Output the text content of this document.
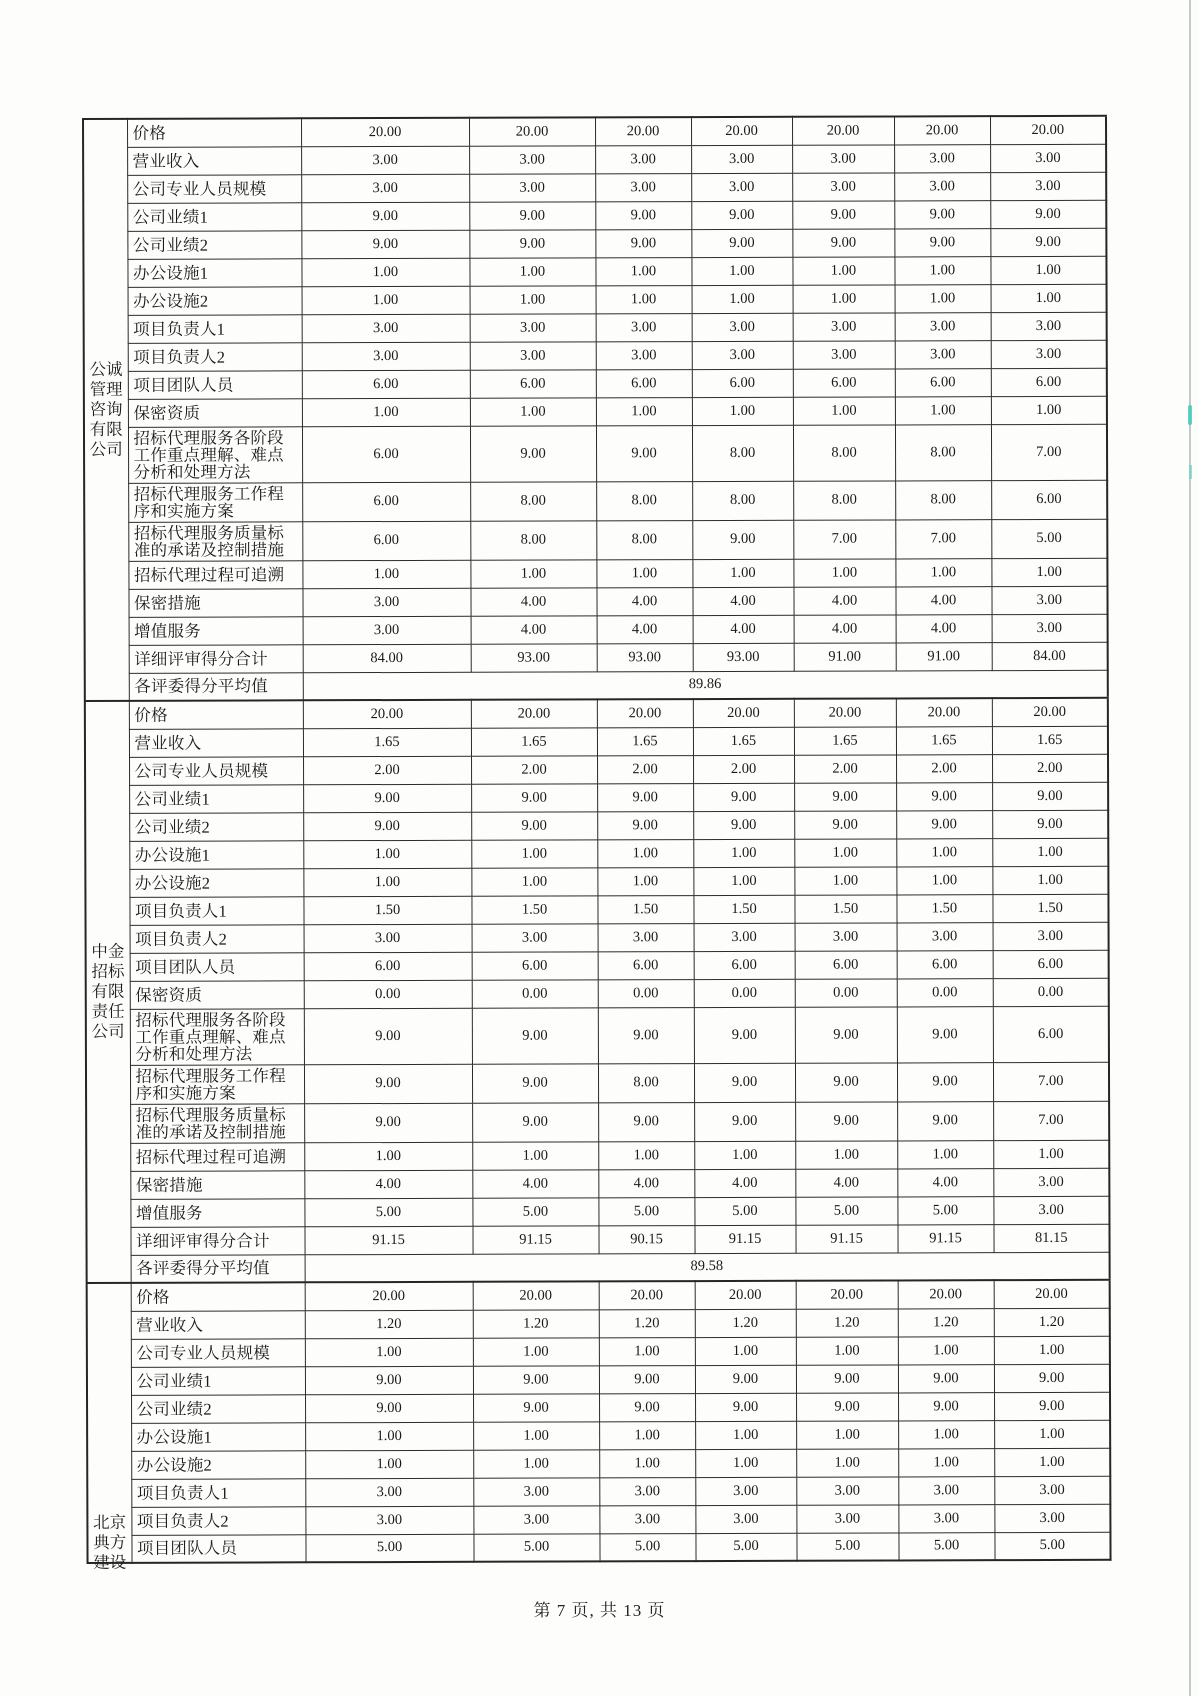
公诚
管理
咨询
有限
公司	价格	20.00	20.00	20.00	20.00	20.00	20.00	20.00
	营业收入	3.00	3.00	3.00	3.00	3.00	3.00	3.00
	公司专业人员规模	3.00	3.00	3.00	3.00	3.00	3.00	3.00
	公司业绩1	9.00	9.00	9.00	9.00	9.00	9.00	9.00
	公司业绩2	9.00	9.00	9.00	9.00	9.00	9.00	9.00
	办公设施1	1.00	1.00	1.00	1.00	1.00	1.00	1.00
	办公设施2	1.00	1.00	1.00	1.00	1.00	1.00	1.00
	项目负责人1	3.00	3.00	3.00	3.00	3.00	3.00	3.00
	项目负责人2	3.00	3.00	3.00	3.00	3.00	3.00	3.00
	项目团队人员	6.00	6.00	6.00	6.00	6.00	6.00	6.00
	保密资质	1.00	1.00	1.00	1.00	1.00	1.00	1.00
	招标代理服务各阶段工作重点理解、难点分析和处理方法	6.00	9.00	9.00	8.00	8.00	8.00	7.00
	招标代理服务工作程序和实施方案	6.00	8.00	8.00	8.00	8.00	8.00	6.00
	招标代理服务质量标准的承诺及控制措施	6.00	8.00	8.00	9.00	7.00	7.00	5.00
	招标代理过程可追溯	1.00	1.00	1.00	1.00	1.00	1.00	1.00
	保密措施	3.00	4.00	4.00	4.00	4.00	4.00	3.00
	增值服务	3.00	4.00	4.00	4.00	4.00	4.00	3.00
	详细评审得分合计	84.00	93.00	93.00	93.00	91.00	91.00	84.00
	各评委得分平均值	89.86						

中金
招标
有限
责任
公司	价格	20.00	20.00	20.00	20.00	20.00	20.00	20.00
	营业收入	1.65	1.65	1.65	1.65	1.65	1.65	1.65
	公司专业人员规模	2.00	2.00	2.00	2.00	2.00	2.00	2.00
	公司业绩1	9.00	9.00	9.00	9.00	9.00	9.00	9.00
	公司业绩2	9.00	9.00	9.00	9.00	9.00	9.00	9.00
	办公设施1	1.00	1.00	1.00	1.00	1.00	1.00	1.00
	办公设施2	1.00	1.00	1.00	1.00	1.00	1.00	1.00
	项目负责人1	1.50	1.50	1.50	1.50	1.50	1.50	1.50
	项目负责人2	3.00	3.00	3.00	3.00	3.00	3.00	3.00
	项目团队人员	6.00	6.00	6.00	6.00	6.00	6.00	6.00
	保密资质	0.00	0.00	0.00	0.00	0.00	0.00	0.00
	招标代理服务各阶段工作重点理解、难点分析和处理方法	9.00	9.00	9.00	9.00	9.00	9.00	6.00
	招标代理服务工作程序和实施方案	9.00	9.00	8.00	9.00	9.00	9.00	7.00
	招标代理服务质量标准的承诺及控制措施	9.00	9.00	9.00	9.00	9.00	9.00	7.00
	招标代理过程可追溯	1.00	1.00	1.00	1.00	1.00	1.00	1.00
	保密措施	4.00	4.00	4.00	4.00	4.00	4.00	3.00
	增值服务	5.00	5.00	5.00	5.00	5.00	5.00	3.00
	详细评审得分合计	91.15	91.15	90.15	91.15	91.15	91.15	81.15
	各评委得分平均值	89.58						

北京
典方
建设	价格	20.00	20.00	20.00	20.00	20.00	20.00	20.00
	营业收入	1.20	1.20	1.20	1.20	1.20	1.20	1.20
	公司专业人员规模	1.00	1.00	1.00	1.00	1.00	1.00	1.00
	公司业绩1	9.00	9.00	9.00	9.00	9.00	9.00	9.00
	公司业绩2	9.00	9.00	9.00	9.00	9.00	9.00	9.00
	办公设施1	1.00	1.00	1.00	1.00	1.00	1.00	1.00
	办公设施2	1.00	1.00	1.00	1.00	1.00	1.00	1.00
	项目负责人1	3.00	3.00	3.00	3.00	3.00	3.00	3.00
	项目负责人2	3.00	3.00	3.00	3.00	3.00	3.00	3.00
	项目团队人员	5.00	5.00	5.00	5.00	5.00	5.00	5.00
第 7 页, 共 13 页
